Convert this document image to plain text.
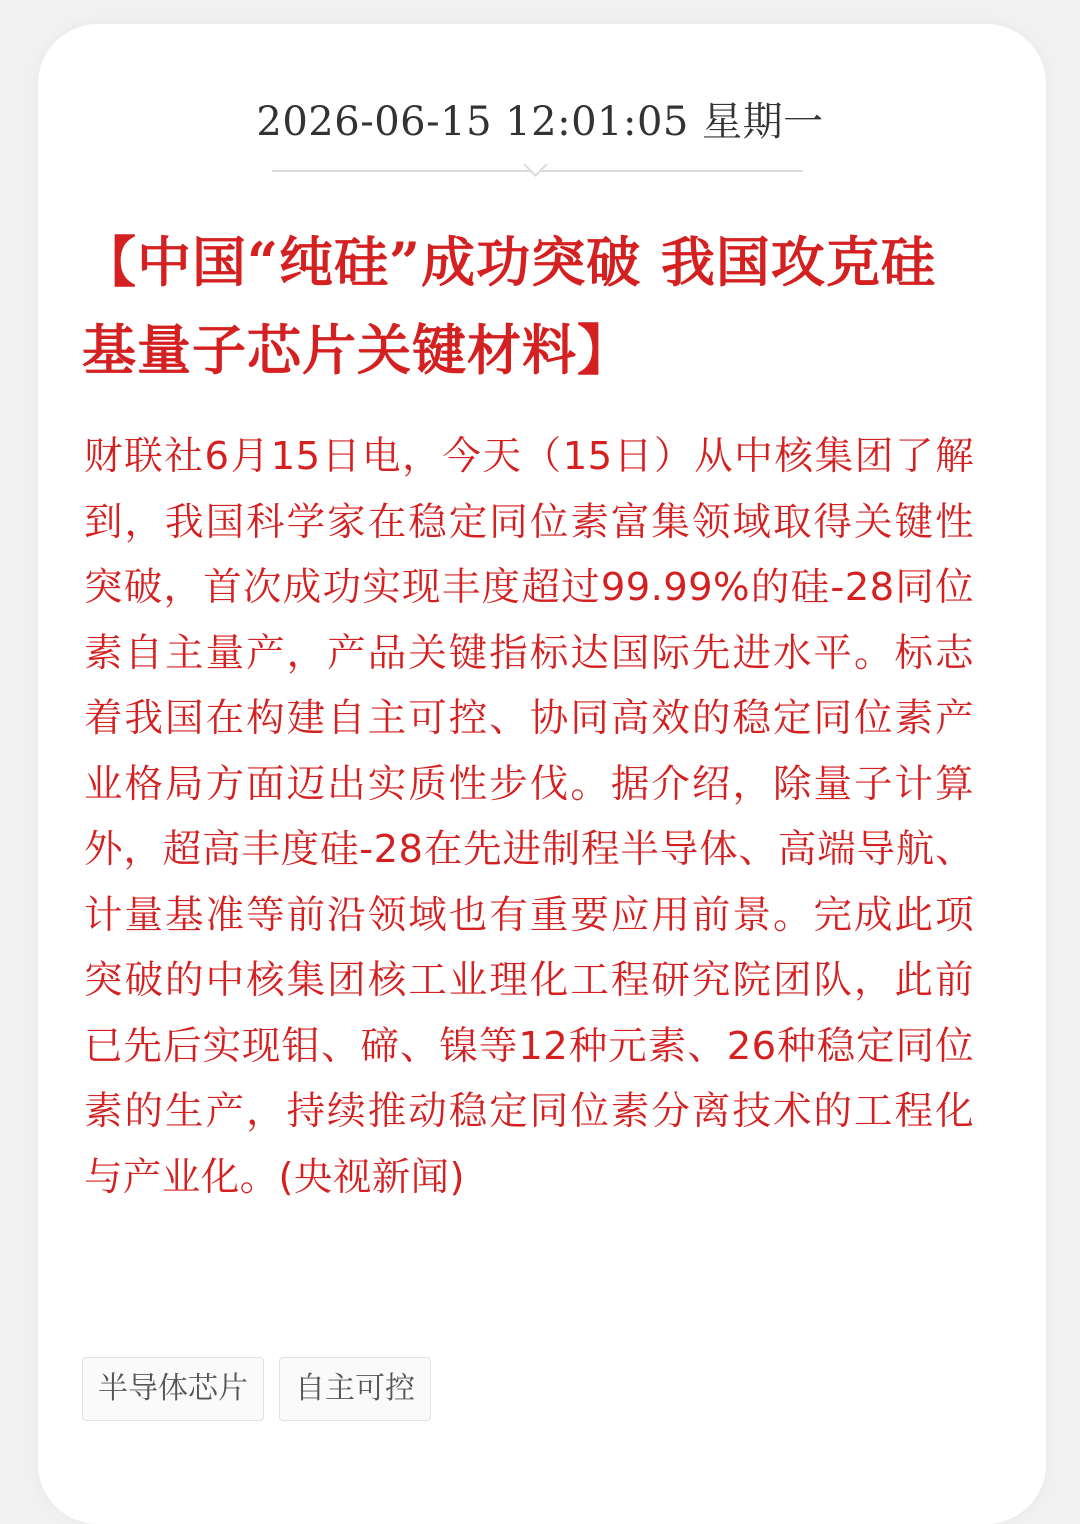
2026-06-15 12:01:05 星期一
【中国“纯硅”成功突破 我国攻克硅基量子芯片关键材料】

财联社6月15日电，今天（15日）从中核集团了解到，我国科学家在稳定同位素富集领域取得关键性突破，首次成功实现丰度超过99.99%的硅-28同位素自主量产，产品关键指标达国际先进水平。标志着我国在构建自主可控、协同高效的稳定同位素产业格局方面迈出实质性步伐。据介绍，除量子计算外，超高丰度硅-28在先进制程半导体、高端导航、计量基准等前沿领域也有重要应用前景。完成此项突破的中核集团核工业理化工程研究院团队，此前已先后实现钼、碲、镍等12种元素、26种稳定同位素的生产，持续推动稳定同位素分离技术的工程化与产业化。(央视新闻)

半导体芯片	自主可控
